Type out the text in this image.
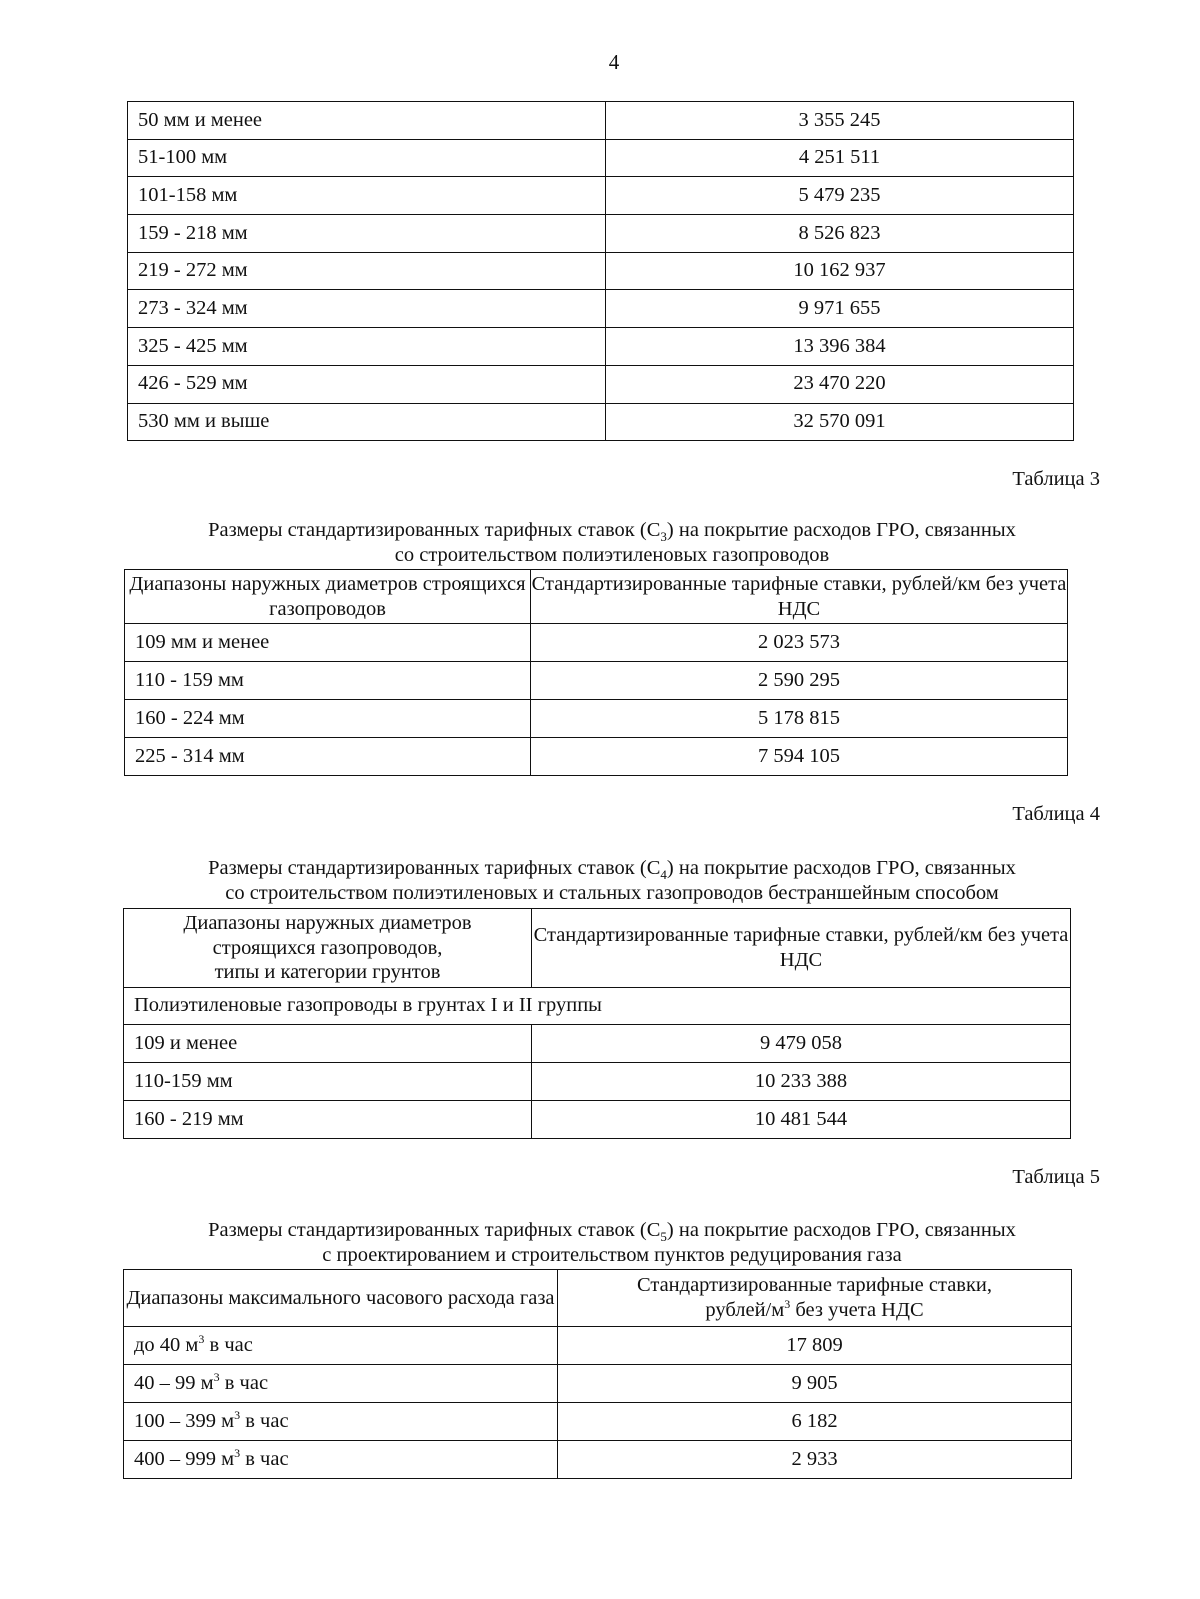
4
50 мм и менее	3 355 245
51-100 мм	4 251 511
101-158 мм	5 479 235
159 - 218 мм	8 526 823
219 - 272 мм	10 162 937
273 - 324 мм	9 971 655
325 - 425 мм	13 396 384
426 - 529 мм	23 470 220
530 мм и выше	32 570 091
Таблица 3
Размеры стандартизированных тарифных ставок $(С_3)$ на покрытие расходов ГРО, связанных
со строительством полиэтиленовых газопроводов
Диапазоны наружных диаметров строящихся газопроводов	Стандартизированные тарифные ставки, рублей/км без учета НДС
109 мм и менее	2 023 573
110 - 159 мм	2 590 295
160 - 224 мм	5 178 815
225 - 314 мм	7 594 105
Таблица 4
Размеры стандартизированных тарифных ставок $(С_4)$ на покрытие расходов ГРО, связанных
со строительством полиэтиленовых и стальных газопроводов бестраншейным способом
Диапазоны наружных диаметров
строящихся газопроводов,
типы и категории грунтов	Стандартизированные тарифные ставки, рублей/км без учета НДС
Полиэтиленовые газопроводы в грунтах I и II группы	
109 и менее	9 479 058
110-159 мм	10 233 388
160 - 219 мм	10 481 544
Таблица 5
Размеры стандартизированных тарифных ставок $(С_5)$ на покрытие расходов ГРО, связанных
с проектированием и строительством пунктов редуцирования газа
Диапазоны максимального часового расхода газа	Стандартизированные тарифные ставки,
рублей/$м^3$ без учета НДС

до 40 $м^3$ в час	17 809
40 – 99 $м^3$ в час	9 905
100 – 399 $м^3$ в час	6 182
400 – 999 $м^3$ в час	2 933
